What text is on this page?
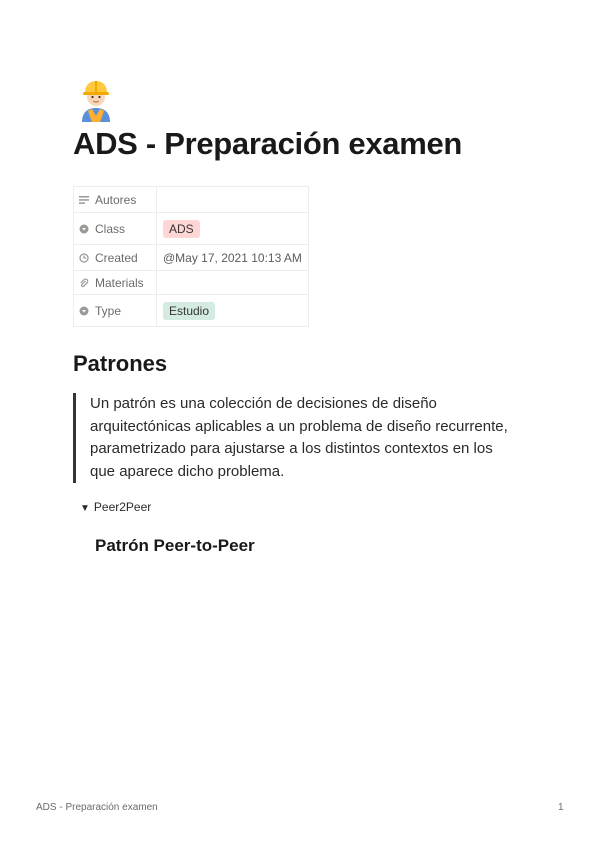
ADS - Preparación examen
Autores	
Class	ADS
Created	@May 17, 2021 10:13 AM
Materials	
Type	Estudio
Patrones
Un patrón es una colección de decisiones de diseño arquitectónicas aplicables a un problema de diseño recurrente, parametrizado para ajustarse a los distintos contextos en los que aparece dicho problema.
▼ Peer2Peer
Patrón Peer-to-Peer
ADS - Preparación examen	1
